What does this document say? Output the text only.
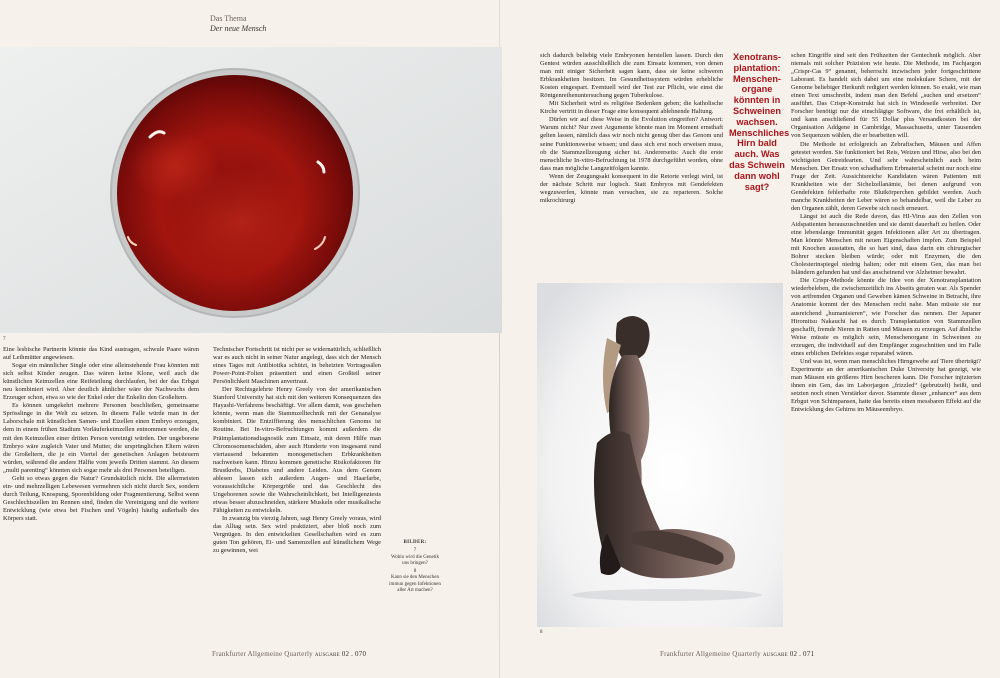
Das Thema
Der neue Mensch
7

Eine lesbische Partnerin könnte das Kind austragen, schwule Paare wären auf Leihmütter angewiesen.

Sogar ein männlicher Single oder eine alleinstehende Frau könnten mit sich selbst Kinder zeugen. Das wären keine Klone, weil auch die künstlichen Keimzellen eine Reifeteilung durchlaufen, bei der das Erbgut neu kombiniert wird. Aber deutlich ähnlicher wäre der Nachwuchs dem Erzeuger schon, etwa so wie der Enkel oder die Enkelin den Großeltern.

Es können umgekehrt mehrere Personen beschließen, gemeinsame Sprösslinge in die Welt zu setzen. In diesem Falle würde man in der Laborschale mit künstlichen Samen- und Eizellen einen Embryo erzeugen, dem in einem frühen Stadium Vorläuferkeimzellen entnommen werden, die mit den Keimzellen einer dritten Person vereinigt würden. Der ungeborene Embryo wäre zugleich Vater und Mutter, die ursprünglichen Eltern wären die Großeltern, die je ein Viertel der genetischen Anlagen beisteuern würden, während die andere Hälfte vom jeweils Dritten stammt. An diesem „multi parenting“ könnten sich sogar mehr als drei Personen beteiligen.

Geht so etwas gegen die Natur? Grundsätzlich nicht. Die allermeisten ein- und mehrzelligen Lebewesen vermehren sich nicht durch Sex, sondern durch Teilung, Knospung, Sporenbildung oder Fragmentierung. Selbst wenn Geschlechtszellen im Rennen sind, finden die Vereinigung und die weitere Entwicklung (wie etwa bei Fischen und Vögeln) häufig außerhalb des Körpers statt.

Technischer Fortschritt ist nicht per se widernatürlich, schließlich war es auch nicht in seiner Natur angelegt, dass sich der Mensch eines Tages mit Antibiotika schützt, in beheizten Vortragssälen Power-Point-Folien präsentiert und einen Großteil seiner Persönlichkeit Maschinen anvertraut.

Der Rechtsgelehrte Henry Greely von der amerikanischen Stanford University hat sich mit den weiteren Konsequenzen des Hayashi-Verfahrens beschäftigt. Vor allem damit, was geschehen könnte, wenn man die Stammzelltechnik mit der Genanalyse kombiniert. Die Entziffierung des menschlichen Genoms ist Routine. Bei In-vitro-Befruchtungen kommt außerdem die Präimplantationsdiagnostik zum Einsatz, mit deren Hilfe man Chromosomenschäden, aber auch Hunderte von insgesamt rund viertausend bekannten monogenetischen Erbkrankheiten nachweisen kann. Hinzu kommen genetische Risikofaktoren für Brustkrebs, Diabetes und andere Leiden. Aus dem Genom ablesen lassen sich außerdem Augen- und Haarfarbe, voraussichtliche Körpergröße und das Geschlecht des Ungeborenen sowie die Wahrscheinlichkeit, bei Intelligenztests etwas besser abzuschneiden, stärkere Muskeln oder musikalische Fähigkeiten zu entwickeln.

In zwanzig bis vierzig Jahren, sagt Henry Greely voraus, wird das Alltag sein. Sex wird praktiziert, aber bloß noch zum Vergnügen. In den entwickelten Gesellschaften wird es zum guten Ton gehören, Ei- und Samenzellen auf künstlichem Wege zu gewinnen, wei

BILDER:
7
Wohin wird die Genetik uns bringen?
8
Kann sie den Menschen immun gegen Infektionen aller Art machen?
Frankfurter Allgemeine Quarterly ausgabe 02 . 070

sich dadurch beliebig viele Embryonen herstellen lassen. Durch den Gentest würden ausschließlich die zum Einsatz kommen, von denen man mit einiger Sicherheit sagen kann, dass sie keine schweren Erbkrankheiten besitzen. Im Gesundheitssystem würden erhebliche Kosten eingespart. Eventuell wird der Test zur Pflicht, wie einst die Röntgenreihenuntersuchung gegen Tuberkulose.

Mit Sicherheit wird es religiöse Bedenken geben; die katholische Kirche vertritt in dieser Frage eine konsequent ablehnende Haltung.

Dürfen wir auf diese Weise in die Evolution eingreifen? Antwort: Warum nicht? Nur zwei Argumente könnte man im Moment ernsthaft gelten lassen, nämlich dass wir noch nicht genug über das Genom und seine Funktionsweise wissen; und dass sich erst noch erweisen muss, ob die Stammzellzeugung sicher ist. Andererseits: Auch die erste menschliche In-vitro-Befruchtung ist 1978 durchgeführt worden, ohne dass man mögliche Langzeitfolgen kannte.

Wenn der Zeugungsakt konsequent in die Retorte verlegt wird, ist der nächste Schritt nur logisch. Statt Embryos mit Gendefekten wegzuwerfen, könnte man versuchen, sie zu reparieren. Solche mikrochirurgi

Xenotrans- plantation: Menschen- organe könnten in Schweinen wachsen. Menschliches Hirn bald auch. Was das Schwein dann wohl sagt?
8

schen Eingriffe sind seit den Frühzeiten der Gentechnik möglich. Aber niemals mit solcher Präzision wie heute. Die Methode, im Fachjargon „Crispr-Cas 9“ genannt, beherrscht inzwischen jeder fortgeschrittene Laborant. Es handelt sich dabei um eine molekulare Schere, mit der Genome beliebiger Herkunft redigiert werden können. So exakt, wie man einen Text umschreibt, indem man den Befehl „suchen und ersetzen“ ausführt. Das Crispr-Konstrukt hat sich in Windeseile verbreitet. Der Forscher benötigt nur die einschlägige Software, die frei erhältlich ist, und kann anschließend für 55 Dollar plus Versandkosten bei der Organisation Addgene in Cambridge, Massachusetts, unter Tausenden von Sequenzen wählen, die er bearbeiten will.

Die Methode ist erfolgreich an Zebrafischen, Mäusen und Affen getestet worden. Sie funktioniert bei Reis, Weizen und Hirse, also bei den wichtigsten Getreidearten. Und sehr wahrscheinlich auch beim Menschen. Der Ersatz von schadhaftem Erbmaterial scheint nur noch eine Frage der Zeit. Aussichtsreiche Kandidaten wären Patienten mit Krankheiten wie der Sichelzellanämie, bei denen aufgrund von Gendefekten fehlerhafte rote Blutkörperchen gebildet werden. Auch manche Krankheiten der Leber wären so behandelbar, weil die Leber zu den Organen zählt, deren Gewebe sich rasch erneuert.

Längst ist auch die Rede davon, das HI-Virus aus den Zellen von Aidspatienten herauszuschneiden und sie damit dauerhaft zu heilen. Oder eine lebenslange Immunität gegen Infektionen aller Art zu übertragen. Man könnte Menschen mit neuen Eigenschaften impfen. Zum Beispiel mit Knochen ausstatten, die so hart sind, dass darin ein chirurgischer Bohrer stecken bleiben würde; oder mit Enzymen, die den Cholesterinspiegel niedrig halten; oder mit einem Gen, das man bei Isländern gefunden hat und das anscheinend vor Alzheimer bewahrt.

Die Crispr-Methode könnte die Idee von der Xenotransplantation wiederbeleben, die zwischenzeitlich ins Abseits geraten war. Als Spender von artfremden Organen und Geweben kämen Schweine in Betracht, ihre Anatomie kommt der des Menschen recht nahe. Man müsste sie nur ausreichend „humanisieren“, wie Forscher das nennen. Der Japaner Hiromitsu Nakauchi hat es durch Transplantation von Stammzellen geschafft, fremde Nieren in Ratten und Mäusen zu erzeugen. Auf ähnliche Weise müsste es möglich sein, Menschenorgane in Schweinen zu erzeugen, die individuell auf den Empfänger zugeschnitten und im Falle eines erblichen Defektes sogar reparabel wären.

Und was ist, wenn man menschliches Hirngewebe auf Tiere überträgt? Experimente an der amerikanischen Duke University hat gezeigt, wie man Mäusen ein größeres Hirn bescheren kann. Die Forscher injizierten ihnen ein Gen, das im Laborjargon „frizzled“ (gebrutzelt) heißt, und setzten noch einen Verstärker davor. Stammte dieser „enhancer“ aus dem Erbgut von Schimpansen, hatte das bereits einen messbaren Effekt auf die Entwicklung des Gehirns im Mäuseembryo.

Frankfurter Allgemeine Quarterly ausgabe 02 . 071
